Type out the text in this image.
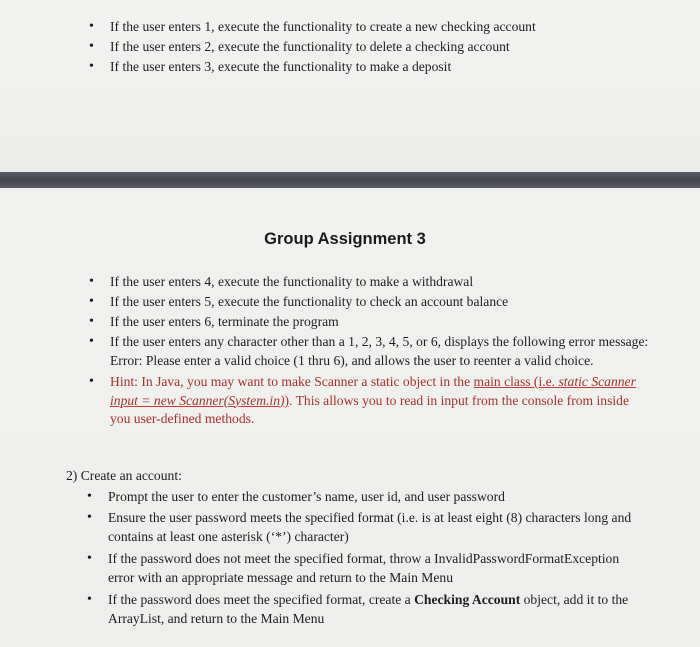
• If the user enters 1, execute the functionality to create a new checking account
• If the user enters 2, execute the functionality to delete a checking account
• If the user enters 3, execute the functionality to make a deposit
Group Assignment 3
• If the user enters 4, execute the functionality to make a withdrawal
• If the user enters 5, execute the functionality to check an account balance
• If the user enters 6, terminate the program
• If the user enters any character other than a 1, 2, 3, 4, 5, or 6, displays the following error message: Error: Please enter a valid choice (1 thru 6), and allows the user to reenter a valid choice.
• Hint: In Java, you may want to make Scanner a static object in the main class (i.e. static Scanner input = new Scanner(System.in)). This allows you to read in input from the console from inside you user-defined methods.
2) Create an account:
• Prompt the user to enter the customer’s name, user id, and user password
• Ensure the user password meets the specified format (i.e. is at least eight (8) characters long and contains at least one asterisk (‘*’) character)
• If the password does not meet the specified format, throw a InvalidPasswordFormatException error with an appropriate message and return to the Main Menu
• If the password does meet the specified format, create a Checking Account object, add it to the ArrayList, and return to the Main Menu
